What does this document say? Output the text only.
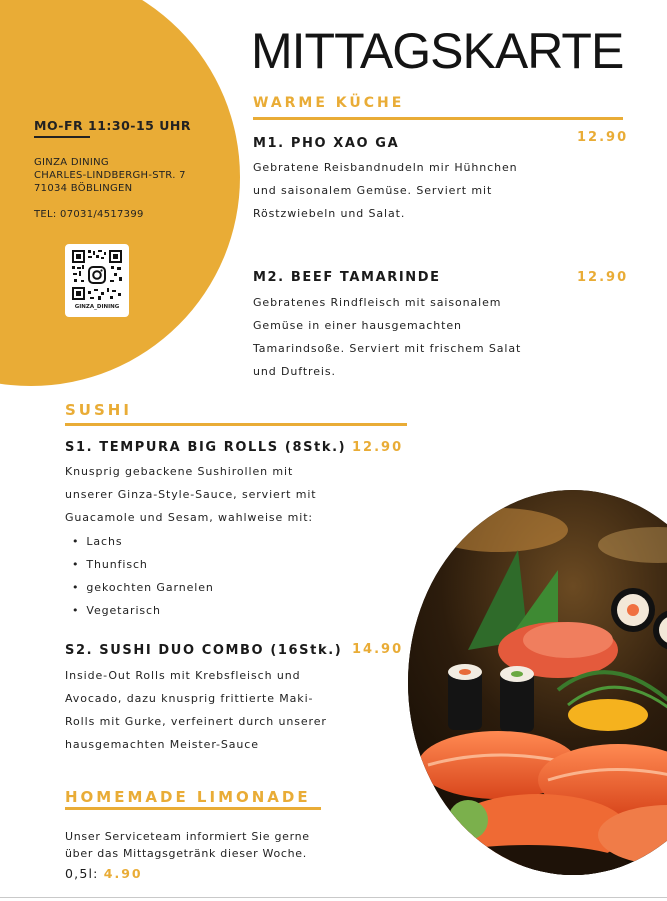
MO-FR 11:30-15 UHR
GINZA DINING
CHARLES-LINDBERGH-STR. 7
71034 BÖBLINGEN
TEL: 07031/4517399
GINZA_DINING
MITTAGSKARTE
WARME KÜCHE
M1. PHO XAO GA	12.90
Gebratene Reisbandnudeln mir Hühnchen
und saisonalem Gemüse. Serviert mit
Röstzwiebeln und Salat.
M2. BEEF TAMARINDE	12.90
Gebratenes Rindfleisch mit saisonalem
Gemüse in einer hausgemachten
Tamarindsoße. Serviert mit frischem Salat
und Duftreis.
SUSHI
S1. TEMPURA BIG ROLLS (8Stk.) 12.90
Knusprig gebackene Sushirollen mit
unserer Ginza-Style-Sauce, serviert mit
Guacamole und Sesam, wahlweise mit:
• Lachs
• Thunfisch
• gekochten Garnelen
• Vegetarisch
S2. SUSHI DUO COMBO (16Stk.) 14.90
Inside-Out Rolls mit Krebsfleisch und
Avocado, dazu knusprig frittierte Maki-
Rolls mit Gurke, verfeinert durch unserer
hausgemachten Meister-Sauce
HOMEMADE LIMONADE
Unser Serviceteam informiert Sie gerne
über das Mittagsgetränk dieser Woche.
0,5l: 4.90
